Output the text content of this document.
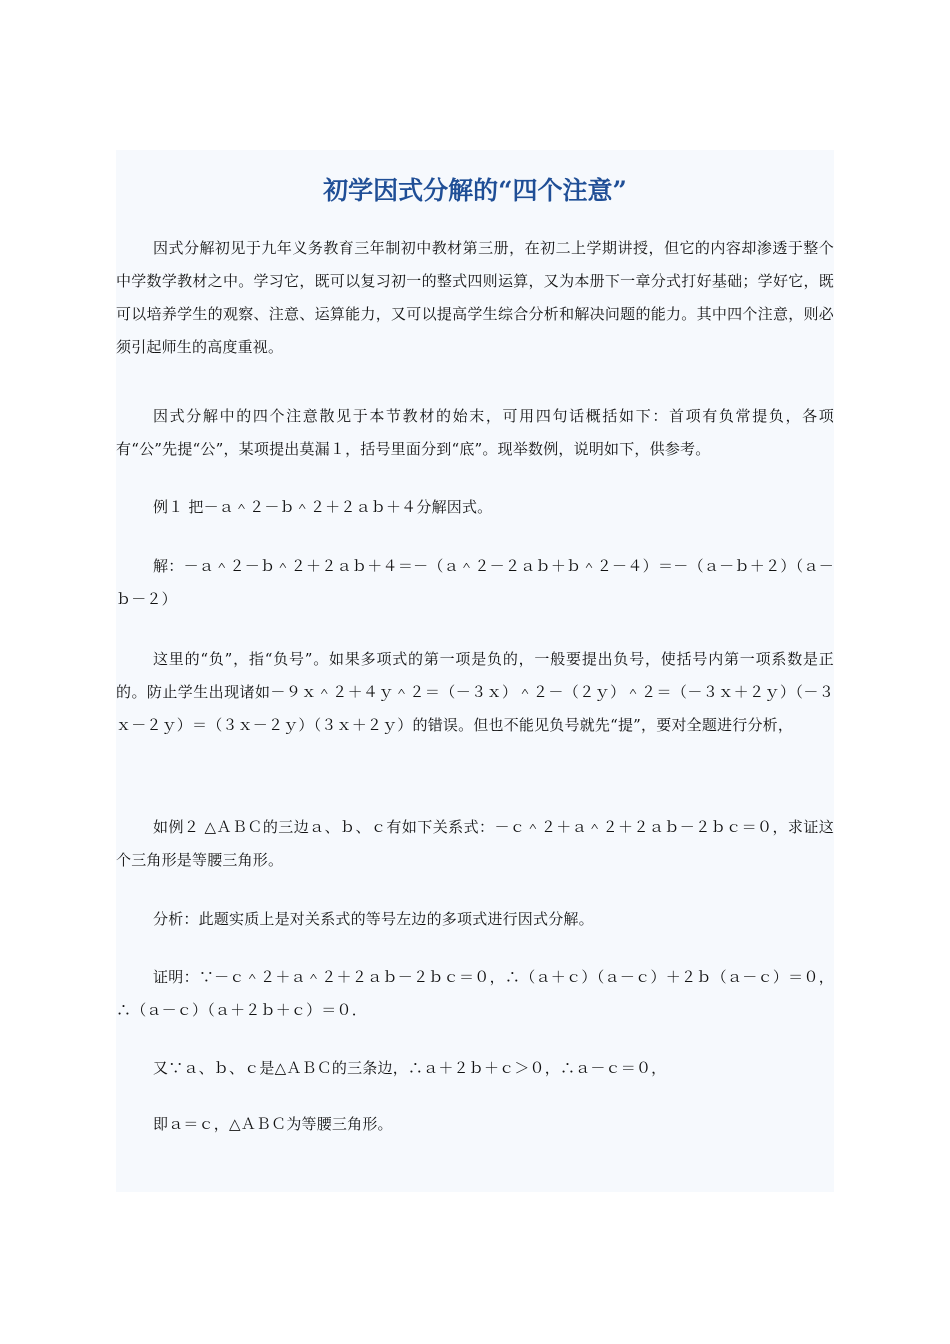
初学因式分解的“四个注意”

因式分解初见于九年义务教育三年制初中教材第三册，在初二上学期讲授，但它的内容却渗透于整个中学数学教材之中。学习它，既可以复习初一的整式四则运算，又为本册下一章分式打好基础；学好它，既可以培养学生的观察、注意、运算能力，又可以提高学生综合分析和解决问题的能力。其中四个注意，则必须引起师生的高度重视。

因式分解中的四个注意散见于本节教材的始末，可用四句话概括如下：首项有负常提负，各项有“公”先提“公”，某项提出莫漏１，括号里面分到“底”。现举数例，说明如下，供参考。

例１ 把－ａ＾２－ｂ＾２＋２ａｂ＋４分解因式。

解：－ａ＾２－ｂ＾２＋２ａｂ＋４＝－（ａ＾２－２ａｂ＋ｂ＾２－４）＝－（ａ－ｂ＋２）（ａ－ｂ－２）

这里的“负”，指“负号”。如果多项式的第一项是负的，一般要提出负号，使括号内第一项系数是正的。防止学生出现诸如－９ｘ＾２＋４ｙ＾２＝（－３ｘ）＾２－（２ｙ）＾２＝（－３ｘ＋２ｙ）（－３ｘ－２ｙ）＝（３ｘ－２ｙ）（３ｘ＋２ｙ）的错误。但也不能见负号就先“提”，要对全题进行分析，

如例２ △ＡＢＣ的三边ａ、ｂ、ｃ有如下关系式：－ｃ＾２＋ａ＾２＋２ａｂ－２ｂｃ＝０，求证这个三角形是等腰三角形。

分析：此题实质上是对关系式的等号左边的多项式进行因式分解。

证明：∵－ｃ＾２＋ａ＾２＋２ａｂ－２ｂｃ＝０，∴（ａ＋ｃ）（ａ－ｃ）＋２ｂ（ａ－ｃ）＝０，∴（ａ－ｃ）（ａ＋２ｂ＋ｃ）＝０．

又∵ａ、ｂ、ｃ是△ＡＢＣ的三条边，∴ａ＋２ｂ＋ｃ＞０，∴ａ－ｃ＝０，

即ａ＝ｃ，△ＡＢＣ为等腰三角形。
